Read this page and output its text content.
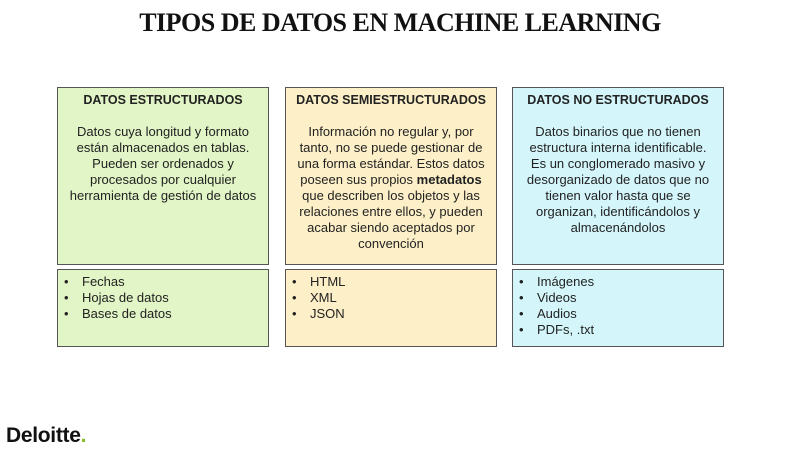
TIPOS DE DATOS EN MACHINE LEARNING
DATOS ESTRUCTURADOS
Datos cuya longitud y formato están almacenados en tablas. Pueden ser ordenados y procesados por cualquier herramienta de gestión de datos
•	Fechas
•	Hojas de datos
•	Bases de datos
DATOS SEMIESTRUCTURADOS
Información no regular y, por tanto, no se puede gestionar de una forma estándar. Estos datos poseen sus propios metadatos que describen los objetos y las relaciones entre ellos, y pueden acabar siendo aceptados por convención
•	HTML
•	XML
•	JSON
DATOS NO ESTRUCTURADOS
Datos binarios que no tienen estructura interna identificable. Es un conglomerado masivo y desorganizado de datos que no tienen valor hasta que se organizan, identificándolos y almacenándolos
•	Imágenes
•	Videos
•	Audios
•	PDFs, .txt
Deloitte.
